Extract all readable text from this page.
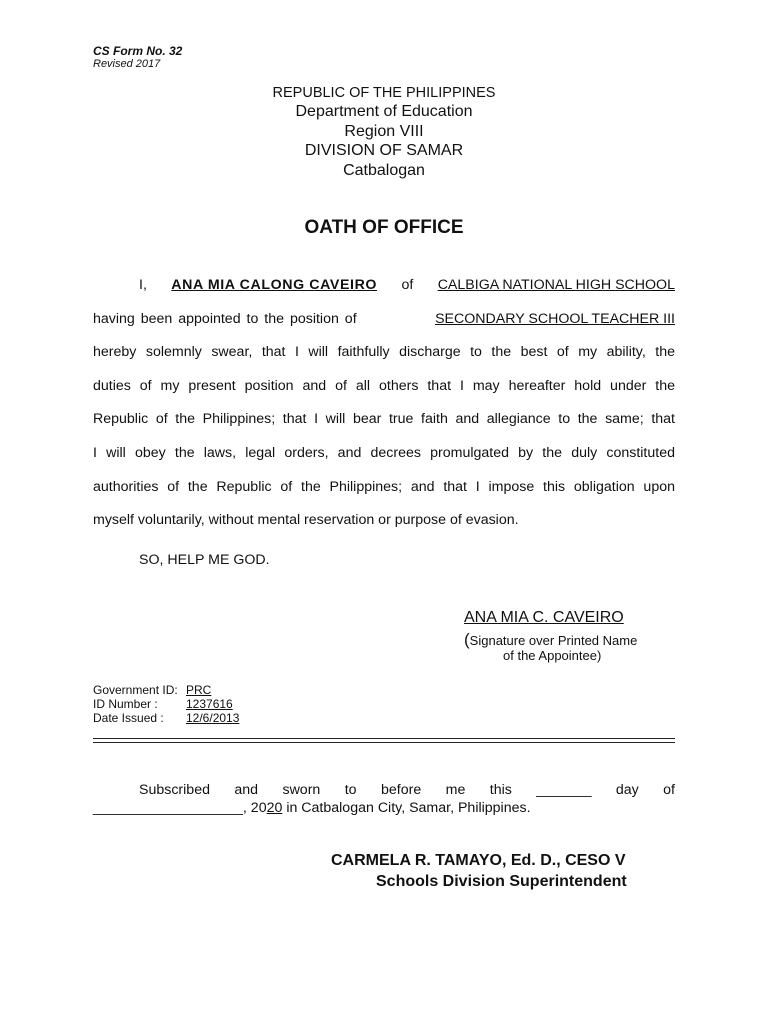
CS Form No. 32
Revised 2017
REPUBLIC OF THE PHILIPPINES
Department of Education
Region VIII
DIVISION OF SAMAR
Catbalogan
OATH OF OFFICE
I, ANA MIA CALONG CAVEIRO of CALBIGA NATIONAL HIGH SCHOOL
having been appointed to the position of	SECONDARY SCHOOL TEACHER III
hereby solemnly swear, that I will faithfully discharge to the best of my ability, the
duties of my present position and of all others that I may hereafter hold under the
Republic of the Philippines; that I will bear true faith and allegiance to the same; that
I will obey the laws, legal orders, and decrees promulgated by the duly constituted
authorities of the Republic of the Philippines; and that I impose this obligation upon
myself voluntarily, without mental reservation or purpose of evasion.
SO, HELP ME GOD.
ANA MIA C. CAVEIRO
(Signature over Printed Name
of the Appointee)
Government ID: PRC
ID Number : 1237616
Date Issued : 12/6/2013
Subscribed and sworn to before me this _______ day of
___________________, 2020 in Catbalogan City, Samar, Philippines.
CARMELA R. TAMAYO, Ed. D., CESO V
Schools Division Superintendent
